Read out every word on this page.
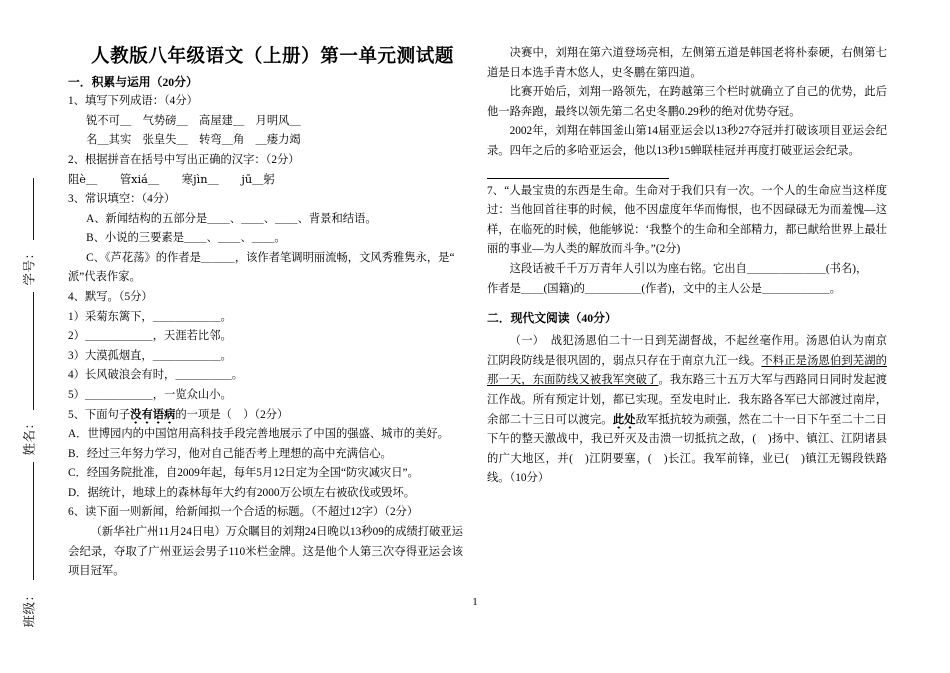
学号：
姓名：
班级：
人教版八年级语文（上册）第一单元测试题
一．积累与运用（20分）

1、填写下列成语：（4分）

锐不可＿　气势磅＿　高屋建＿　月明风＿

名＿其实　张皇失＿　转弯＿角　＿瘘力竭

2、根据拼音在括号中写出正确的汉字：（2分）

阻è＿　　管xiá＿　　寒jìn＿　　jū＿躬

3、常识填空：（4分）

A、新闻结构的五部分是＿＿、＿＿、＿＿、背景和结语。

B、小说的三要素是＿＿、＿＿、＿＿。

C、《芦花荡》的作者是＿＿＿，该作者笔调明丽流畅，文风秀雅隽永，是“

派”代表作家。

4、默写。（5分）

1）采菊东篱下，＿＿＿＿＿＿。

2）＿＿＿＿＿＿，天涯若比邻。

3）大漠孤烟直，＿＿＿＿＿＿。

4）长风破浪会有时，＿＿＿＿＿。

5）＿＿＿＿＿＿，一览众山小。

5、下面句子没有语病的一项是（　）（2分）

A．世博园内的中国馆用高科技手段完善地展示了中国的强盛、城市的美好。

B．经过三年努力学习，他对自己能否考上理想的高中充满信心。

C．经国务院批准，自2009年起，每年5月12日定为全国“防灾减灾日”。

D．据统计，地球上的森林每年大约有2000万公顷左右被砍伐或毁坏。

6、读下面一则新闻，给新闻拟一个合适的标题。（不超过12字）（2分）

（新华社广州11月24日电）万众瞩目的刘翔24日晚以13秒09的成绩打破亚运会纪录，夺取了广州亚运会男子110米栏金牌。这是他个人第三次夺得亚运会该项目冠军。

决赛中，刘翔在第六道登场亮相，左侧第五道是韩国老将朴泰硬，右侧第七道是日本选手青木悠人，史冬鹏在第四道。

比赛开始后，刘翔一路领先，在跨越第三个栏时就确立了自己的优势，此后他一路奔跑，最终以领先第二名史冬鹏0.29秒的绝对优势夺冠。

2002年，刘翔在韩国釜山第14届亚运会以13秒27夺冠并打破该项目亚运会纪录。四年之后的多哈亚运会，他以13秒15蝉联桂冠并再度打破亚运会纪录。

7、“人最宝贵的东西是生命。生命对于我们只有一次。一个人的生命应当这样度过：当他回首往事的时候，他不因虚度年华而悔恨，也不因碌碌无为而羞愧—这样，在临死的时候，他能够说：‘我整个的生命和全部精力，都已献给世界上最壮丽的事业—为人类的解放而斗争。”(2分)

这段话被千千万万青年人引以为座右铭。它出自＿＿＿＿＿＿＿(书名)，

作者是＿＿(国籍)的＿＿＿＿＿(作者)，文中的主人公是＿＿＿＿＿＿。

二．现代文阅读（40分）

（一） 战犯汤恩伯二十一日到芜湖督战，不起丝毫作用。汤恩伯认为南京江阴段防线是很巩固的，弱点只存在于南京九江一线。不料正是汤恩伯到芜湖的那一天，东面防线又被我军突破了。我东路三十五万大军与西路同日同时发起渡江作战。所有预定计划，都已实现。至发电时止．我东路各军已大部渡过南岸，余部二十三日可以渡完。此处敌军抵抗较为顽强，然在二十一日下午至二十二日下午的整天激战中，我已歼灭及击溃一切抵抗之敌，(　)扬中、镇江、江阴诸县的广大地区，并(　)江阴要塞，(　)长江。我军前锋，业已(　)镇江无锡段铁路线。（10分）

1
